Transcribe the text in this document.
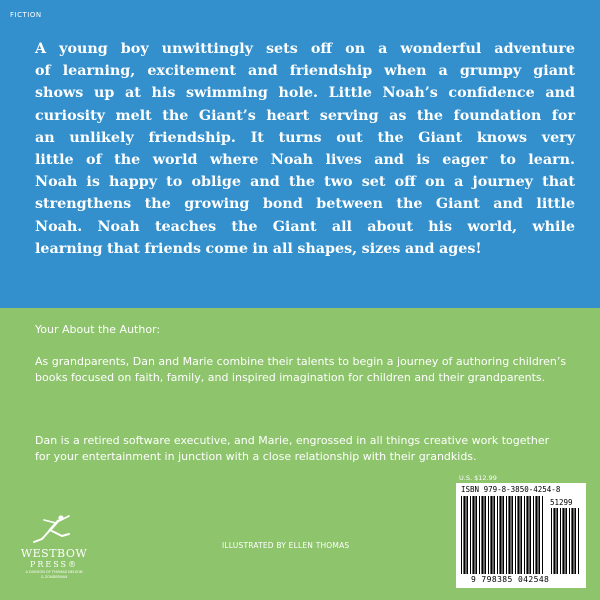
FICTION
A young boy unwittingly sets off on a wonderful adventure
of learning, excitement and friendship when a grumpy giant
shows up at his swimming hole. Little Noah’s confidence and
curiosity melt the Giant’s heart serving as the foundation for
an unlikely friendship. It turns out the Giant knows very
little of the world where Noah lives and is eager to learn.
Noah is happy to oblige and the two set off on a journey that
strengthens the growing bond between the Giant and little
Noah. Noah teaches the Giant all about his world, while
learning that friends come in all shapes, sizes and ages!

Your About the Author:

As grandparents, Dan and Marie combine their talents to begin a journey of authoring children’s books focused on faith, family, and inspired imagination for children and their grandparents.

Dan is a retired software executive, and Marie, engrossed in all things creative work together for your entertainment in junction with a close relationship with their grandkids.

WESTBOW
PRESS®
A DIVISION OF THOMAS NELSON
& ZONDERVAN
ILLUSTRATED BY ELLEN THOMAS
U.S. $12.99
ISBN 979-8-3850-4254-8
51299
9 798385 042548
